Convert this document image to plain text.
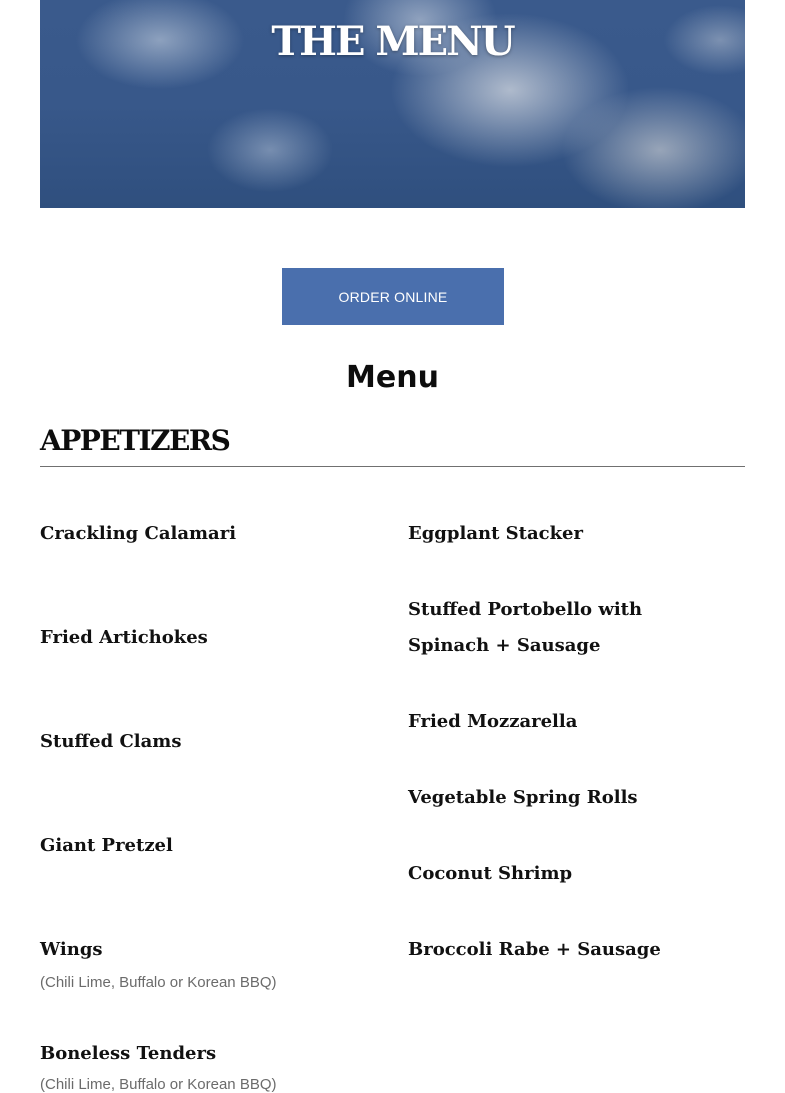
THE MENU
ORDER ONLINE
Menu
APPETIZERS
Crackling Calamari
Fried Artichokes
Stuffed Clams
Giant Pretzel
Wings
(Chili Lime, Buffalo or Korean BBQ)
Boneless Tenders
(Chili Lime, Buffalo or Korean BBQ)
Eggplant Stacker
Stuffed Portobello with
Spinach + Sausage
Fried Mozzarella
Vegetable Spring Rolls
Coconut Shrimp
Broccoli Rabe + Sausage
